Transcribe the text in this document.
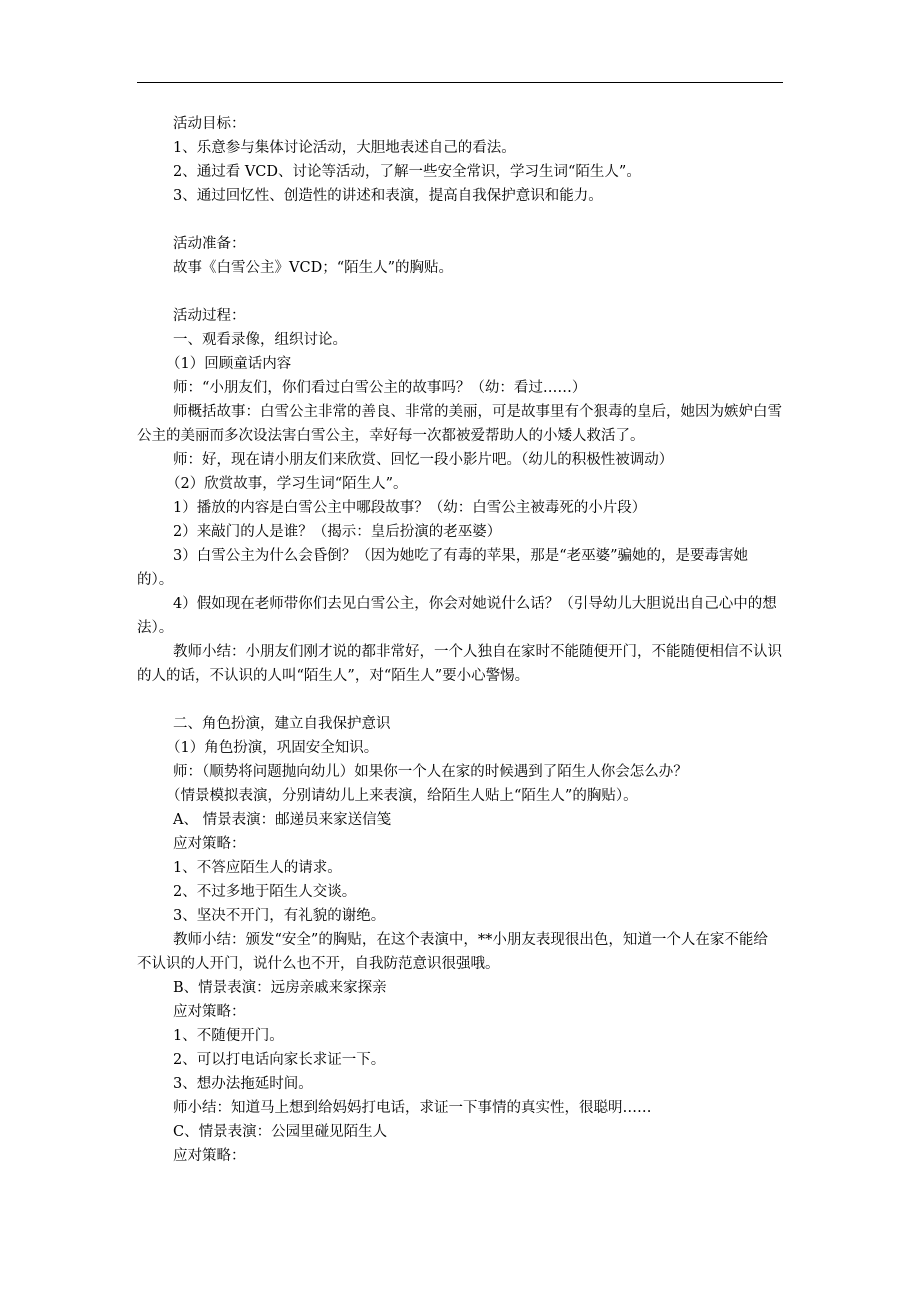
活动目标：

1、乐意参与集体讨论活动，大胆地表述自己的看法。

2、通过看 VCD、讨论等活动，了解一些安全常识，学习生词“陌生人”。

3、通过回忆性、创造性的讲述和表演，提高自我保护意识和能力。

活动准备：

故事《白雪公主》VCD；“陌生人”的胸贴。

活动过程：

一、观看录像，组织讨论。

（1）回顾童话内容

师：“小朋友们，你们看过白雪公主的故事吗？（幼：看过……）

师概括故事：白雪公主非常的善良、非常的美丽，可是故事里有个狠毒的皇后，她因为嫉妒白雪公主的美丽而多次设法害白雪公主，幸好每一次都被爱帮助人的小矮人救活了。

师：好，现在请小朋友们来欣赏、回忆一段小影片吧。（幼儿的积极性被调动）

（2）欣赏故事，学习生词“陌生人”。

1）播放的内容是白雪公主中哪段故事？（幼：白雪公主被毒死的小片段）

2）来敲门的人是谁？（揭示：皇后扮演的老巫婆）

3）白雪公主为什么会昏倒？（因为她吃了有毒的苹果，那是“老巫婆”骗她的，是要毒害她的）。

4）假如现在老师带你们去见白雪公主，你会对她说什么话？（引导幼儿大胆说出自己心中的想法）。

教师小结：小朋友们刚才说的都非常好，一个人独自在家时不能随便开门，不能随便相信不认识的人的话，不认识的人叫“陌生人”，对“陌生人”要小心警惕。

二、角色扮演，建立自我保护意识

（1）角色扮演，巩固安全知识。

师：（顺势将问题抛向幼儿）如果你一个人在家的时候遇到了陌生人你会怎么办？

（情景模拟表演，分别请幼儿上来表演，给陌生人贴上“陌生人”的胸贴）。

A、 情景表演：邮递员来家送信笺

应对策略：

1、不答应陌生人的请求。

2、不过多地于陌生人交谈。

3、坚决不开门，有礼貌的谢绝。

教师小结：颁发“安全”的胸贴，在这个表演中，**小朋友表现很出色，知道一个人在家不能给不认识的人开门，说什么也不开，自我防范意识很强哦。

B、情景表演：远房亲戚来家探亲

应对策略：

1、不随便开门。

2、可以打电话向家长求证一下。

3、想办法拖延时间。

师小结：知道马上想到给妈妈打电话，求证一下事情的真实性，很聪明……

C、情景表演：公园里碰见陌生人

应对策略：
